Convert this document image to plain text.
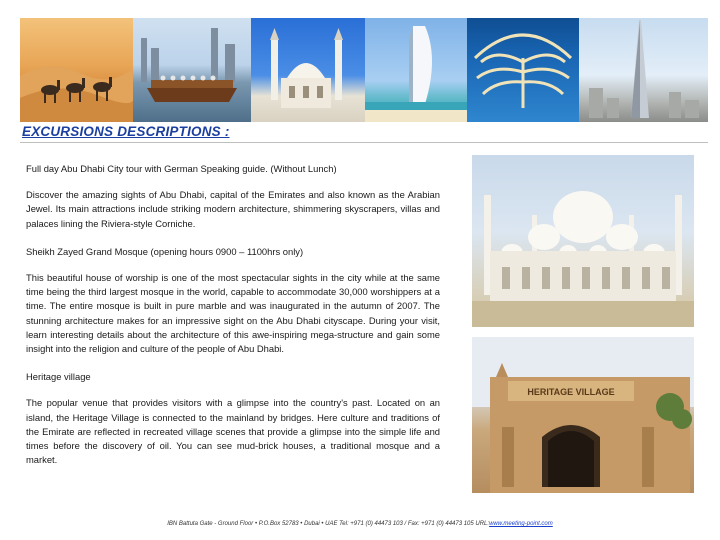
EXCURSIONS DESCRIPTIONS :

Full day Abu Dhabi City tour with German Speaking guide. (Without Lunch)

Discover the amazing sights of Abu Dhabi, capital of the Emirates and also known as the Arabian Jewel. Its main attractions include striking modern architecture, shimmering skyscrapers, villas and palaces lining the Riviera-style Corniche.

Sheikh Zayed Grand Mosque (opening hours 0900 – 1100hrs only)

This beautiful house of worship is one of the most spectacular sights in the city while at the same time being the third largest mosque in the world, capable to accommodate 30,000 worshippers at a time. The entire mosque is built in pure marble and was inaugurated in the autumn of 2007. The stunning architecture makes for an impressive sight on the Abu Dhabi cityscape. During your visit, learn interesting details about the architecture of this awe-inspiring mega-structure and gain some insight into the religion and culture of the people of Abu Dhabi.

Heritage village

The popular venue that provides visitors with a glimpse into the country's past. Located on an island, the Heritage Village is connected to the mainland by bridges. Here culture and traditions of the Emirate are reflected in recreated village scenes that provide a glimpse into the simple life and times before the discovery of oil. You can see mud-brick houses, a traditional mosque and a market.

HERITAGE VILLAGE
IBN Battuta Gate - Ground Floor • P.O.Box 52783 • Dubai • UAE Tel: +971 (0) 44473 103 / Fax: +971 (0) 44473 105 URL:www.meeting-point.com
